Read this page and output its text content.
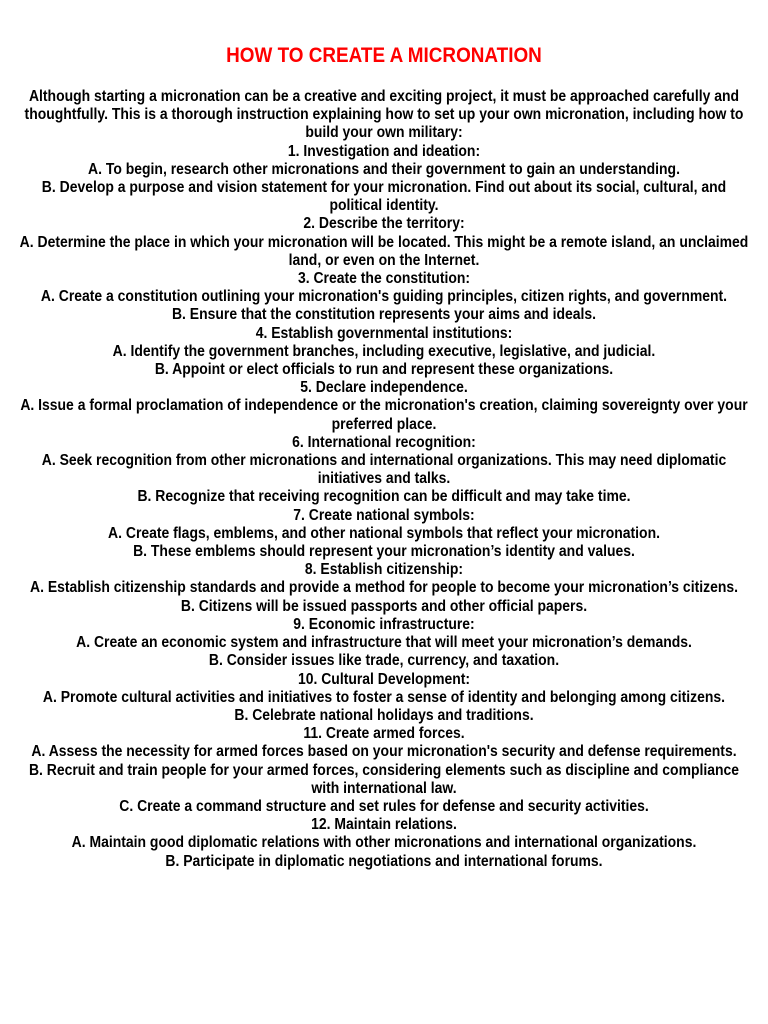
HOW TO CREATE A MICRONATION
Although starting a micronation can be a creative and exciting project, it must be approached carefully and thoughtfully. This is a thorough instruction explaining how to set up your own micronation, including how to build your own military:
1. Investigation and ideation:
A. To begin, research other micronations and their government to gain an understanding.
B. Develop a purpose and vision statement for your micronation. Find out about its social, cultural, and political identity.
2. Describe the territory:
A. Determine the place in which your micronation will be located. This might be a remote island, an unclaimed land, or even on the Internet.
3. Create the constitution:
A. Create a constitution outlining your micronation's guiding principles, citizen rights, and government.
B. Ensure that the constitution represents your aims and ideals.
4. Establish governmental institutions:
A. Identify the government branches, including executive, legislative, and judicial.
B. Appoint or elect officials to run and represent these organizations.
5. Declare independence.
A. Issue a formal proclamation of independence or the micronation's creation, claiming sovereignty over your preferred place.
6. International recognition:
A. Seek recognition from other micronations and international organizations. This may need diplomatic initiatives and talks.
B. Recognize that receiving recognition can be difficult and may take time.
7. Create national symbols:
A. Create flags, emblems, and other national symbols that reflect your micronation.
B. These emblems should represent your micronation’s identity and values.
8. Establish citizenship:
A. Establish citizenship standards and provide a method for people to become your micronation’s citizens.
B. Citizens will be issued passports and other official papers.
9. Economic infrastructure:
A. Create an economic system and infrastructure that will meet your micronation’s demands.
B. Consider issues like trade, currency, and taxation.
10. Cultural Development:
A. Promote cultural activities and initiatives to foster a sense of identity and belonging among citizens.
B. Celebrate national holidays and traditions.
11. Create armed forces.
A. Assess the necessity for armed forces based on your micronation's security and defense requirements.
B. Recruit and train people for your armed forces, considering elements such as discipline and compliance with international law.
C. Create a command structure and set rules for defense and security activities.
12. Maintain relations.
A. Maintain good diplomatic relations with other micronations and international organizations.
B. Participate in diplomatic negotiations and international forums.
